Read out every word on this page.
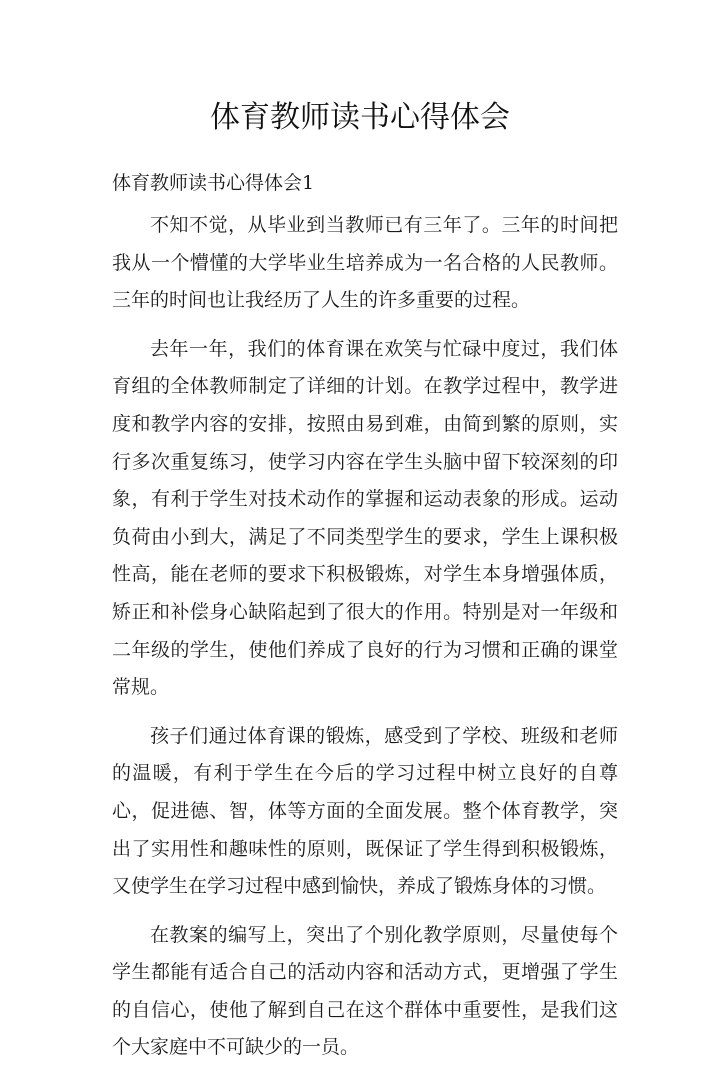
体育教师读书心得体会
体育教师读书心得体会1

不知不觉，从毕业到当教师已有三年了。三年的时间把我从一个懵懂的大学毕业生培养成为一名合格的人民教师。三年的时间也让我经历了人生的许多重要的过程。

去年一年，我们的体育课在欢笑与忙碌中度过，我们体育组的全体教师制定了详细的计划。在教学过程中，教学进度和教学内容的安排，按照由易到难，由简到繁的原则，实行多次重复练习，使学习内容在学生头脑中留下较深刻的印象，有利于学生对技术动作的掌握和运动表象的形成。运动负荷由小到大，满足了不同类型学生的要求，学生上课积极性高，能在老师的要求下积极锻炼，对学生本身增强体质，矫正和补偿身心缺陷起到了很大的作用。特别是对一年级和二年级的学生，使他们养成了良好的行为习惯和正确的课堂常规。

孩子们通过体育课的锻炼，感受到了学校、班级和老师的温暖，有利于学生在今后的学习过程中树立良好的自尊心，促进德、智，体等方面的全面发展。整个体育教学，突出了实用性和趣味性的原则，既保证了学生得到积极锻炼，又使学生在学习过程中感到愉快，养成了锻炼身体的习惯。

在教案的编写上，突出了个别化教学原则，尽量使每个学生都能有适合自己的活动内容和活动方式，更增强了学生的自信心，使他了解到自己在这个群体中重要性，是我们这个大家庭中不可缺少的一员。
